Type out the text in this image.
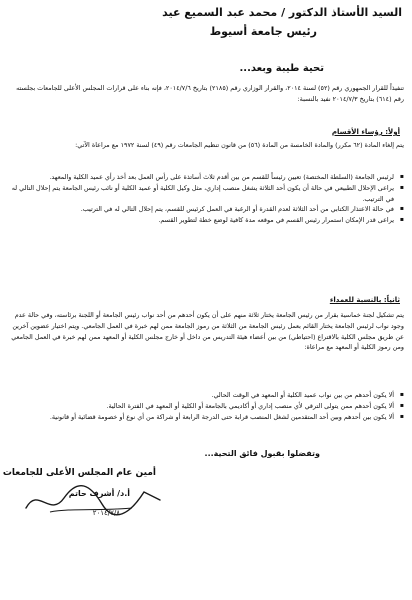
السيد الأستاذ الدكتور / محمد عبد السميع عيد
رئيس جامعة أسيوط
تحية طيبة وبعد...
تنفيذاً للقرار الجمهوري رقم (٥٢) لسنة ٢٠١٤، والقرار الوزاري رقم (٢١٨٥) بتاريخ ٢٠١٤/٧/٦، فإنه بناء على قرارات المجلس الأعلى للجامعات بجلسته رقم (٦١٤) بتاريخ ٢٠١٤/٧/٣ نفيد بالنسبة:
أولاً: رؤساء الأقسام
يتم إلغاء المادة (٦٢ مكرر) والمادة الخامسة من المادة (٥٦) من قانون تنظيم الجامعات رقم (٤٩) لسنة ١٩٧٢ مع مراعاة الآتي:
▪ لرئيس الجامعة (السلطة المختصة) تعيين رئيساً للقسم من بين أقدم ثلاث أساتذة على رأس العمل بعد أخذ رأي عميد الكلية والمعهد.
▪ يراعى الإحلال الطبيعي في حالة أن يكون أحد الثلاثة يشغل منصب إداري، مثل وكيل الكلية أو عميد الكلية أو نائب رئيس الجامعة يتم إحلال التالي له في الترتيب.
▪ في حالة الاعتذار الكتابي من أحد الثلاثة لعدم القدرة أو الرغبة في العمل كرئيس للقسم، يتم إحلال التالي له في الترتيب.
▪ يراعى قدر الإمكان استمرار رئيس القسم في موقعه مدة كافية لوضع خطة لتطوير القسم.
ثانياً: بالنسبة للعمداء
يتم تشكيل لجنة خماسية بقرار من رئيس الجامعة يختار ثلاثة منهم على أن يكون أحدهم من أحد نواب رئيس الجامعة أو اللجنة برئاسته، وفي حالة عدم وجود نواب لرئيس الجامعة يختار القائم بعمل رئيس الجامعة من الثلاثة من رموز الجامعة ممن لهم خبرة في العمل الجامعي. ويتم اختيار عضوين آخرين عن طريق مجلس الكلية بالاقتراع (احتياطي) من بين أعضاء هيئة التدريس من داخل أو خارج مجلس الكلية أو المعهد ممن لهم خبرة في العمل الجامعي ومن رموز الكلية أو المعهد مع مراعاة:
▪ ألا يكون أحدهم من بين نواب عميد الكلية أو المعهد في الوقت الحالي.
▪ ألا يكون أحدهم ممن يتولى الترقي لأي منصب إداري أو أكاديمي بالجامعة أو الكلية أو المعهد في الفترة الحالية.
▪ ألا يكون بين أحدهم وبين أحد المتقدمين لشغل المنصب قرابة حتى الدرجة الرابعة أو شراكة من أي نوع أو خصومة قضائية أو قانونية.
وتفضلوا بقبول فائق التحية...
أمين عام المجلس الأعلى للجامعات
أ.د/ أشرف حاتم
٢٠١٤/٧/٨
